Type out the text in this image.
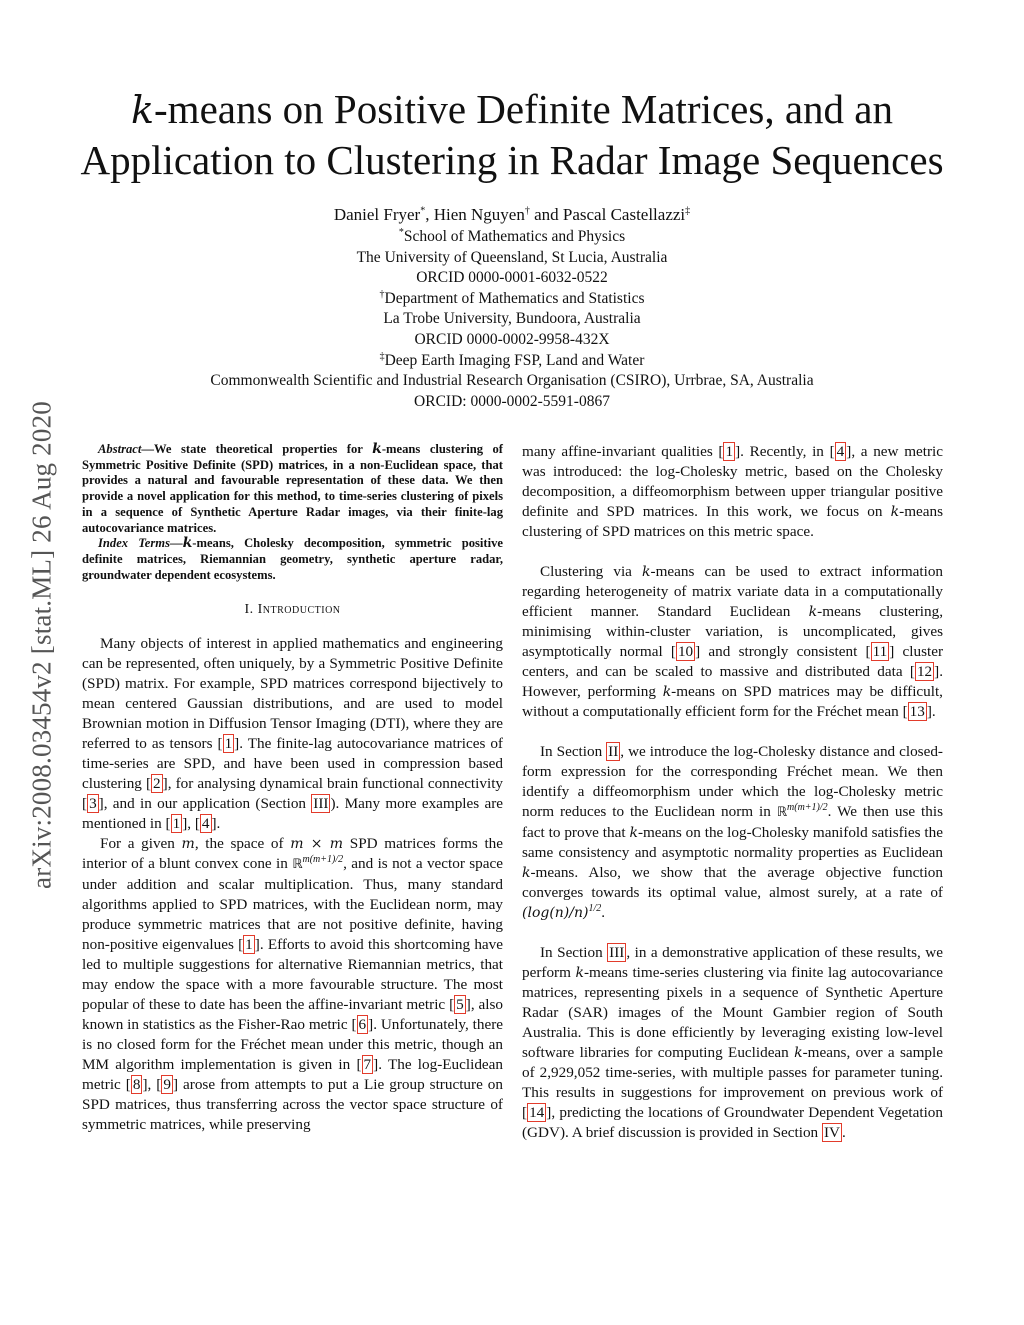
arXiv:2008.03454v2 [stat.ML] 26 Aug 2020
k-means on Positive Definite Matrices, and an
Application to Clustering in Radar Image Sequences
Daniel Fryer*, Hien Nguyen† and Pascal Castellazzi‡
*School of Mathematics and Physics
The University of Queensland, St Lucia, Australia
ORCID 0000-0001-6032-0522
†Department of Mathematics and Statistics
La Trobe University, Bundoora, Australia
ORCID 0000-0002-9958-432X
‡Deep Earth Imaging FSP, Land and Water
Commonwealth Scientific and Industrial Research Organisation (CSIRO), Urrbrae, SA, Australia
ORCID: 0000-0002-5591-0867

Abstract—We state theoretical properties for k-means clustering of Symmetric Positive Definite (SPD) matrices, in a non-Euclidean space, that provides a natural and favourable representation of these data. We then provide a novel application for this method, to time-series clustering of pixels in a sequence of Synthetic Aperture Radar images, via their finite-lag autocovariance matrices.

Index Terms—k-means, Cholesky decomposition, symmetric positive definite matrices, Riemannian geometry, synthetic aperture radar, groundwater dependent ecosystems.

I. Introduction

Many objects of interest in applied mathematics and engineering can be represented, often uniquely, by a Symmetric Positive Definite (SPD) matrix. For example, SPD matrices correspond bijectively to mean centered Gaussian distributions, and are used to model Brownian motion in Diffusion Tensor Imaging (DTI), where they are referred to as tensors [ 1 ]. The finite-lag autocovariance matrices of time-series are SPD, and have been used in compression based clustering [ 2 ], for analysing dynamical brain functional connectivity [ 3 ], and in our application (Section III ). Many more examples are mentioned in [ 1 ], [ 4 ].

For a given m, the space of m × m SPD matrices forms the interior of a blunt convex cone in ℝ$^{m(m+1)/2}$, and is not a vector space under addition and scalar multiplication. Thus, many standard algorithms applied to SPD matrices, with the Euclidean norm, may produce symmetric matrices that are not positive definite, having non-positive eigenvalues [ 1 ]. Efforts to avoid this shortcoming have led to multiple suggestions for alternative Riemannian metrics, that may endow the space with a more favourable structure. The most popular of these to date has been the affine-invariant metric [ 5 ], also known in statistics as the Fisher-Rao metric [ 6 ]. Unfortunately, there is no closed form for the Fréchet mean under this metric, though an MM algorithm implementation is given in [ 7 ]. The log-Euclidean metric [ 8 ], [ 9 ] arose from attempts to put a Lie group structure on SPD matrices, thus transferring across the vector space structure of symmetric matrices, while preserving

many affine-invariant qualities [ 1 ]. Recently, in [ 4 ], a new metric was introduced: the log-Cholesky metric, based on the Cholesky decomposition, a diffeomorphism between upper triangular positive definite and SPD matrices. In this work, we focus on k-means clustering of SPD matrices on this metric space.

Clustering via k-means can be used to extract information regarding heterogeneity of matrix variate data in a computationally efficient manner. Standard Euclidean k-means clustering, minimising within-cluster variation, is uncomplicated, gives asymptotically normal [ 10 ] and strongly consistent [ 11 ] cluster centers, and can be scaled to massive and distributed data [ 12 ]. However, performing k-means on SPD matrices may be difficult, without a computationally efficient form for the Fréchet mean [ 13 ].

In Section II , we introduce the log-Cholesky distance and closed-form expression for the corresponding Fréchet mean. We then identify a diffeomorphism under which the log-Cholesky metric norm reduces to the Euclidean norm in ℝ$^{m(m+1)/2}$. We then use this fact to prove that k-means on the log-Cholesky manifold satisfies the same consistency and asymptotic normality properties as Euclidean k-means. Also, we show that the average objective function converges towards its optimal value, almost surely, at a rate of $(\log(n)/n)^{1/2}$.

In Section III , in a demonstrative application of these results, we perform k-means time-series clustering via finite lag autocovariance matrices, representing pixels in a sequence of Synthetic Aperture Radar (SAR) images of the Mount Gambier region of South Australia. This is done efficiently by leveraging existing low-level software libraries for computing Euclidean k-means, over a sample of 2,929,052 time-series, with multiple passes for parameter tuning. This results in suggestions for improvement on previous work of [ 14 ], predicting the locations of Groundwater Dependent Vegetation (GDV). A brief discussion is provided in Section IV .
